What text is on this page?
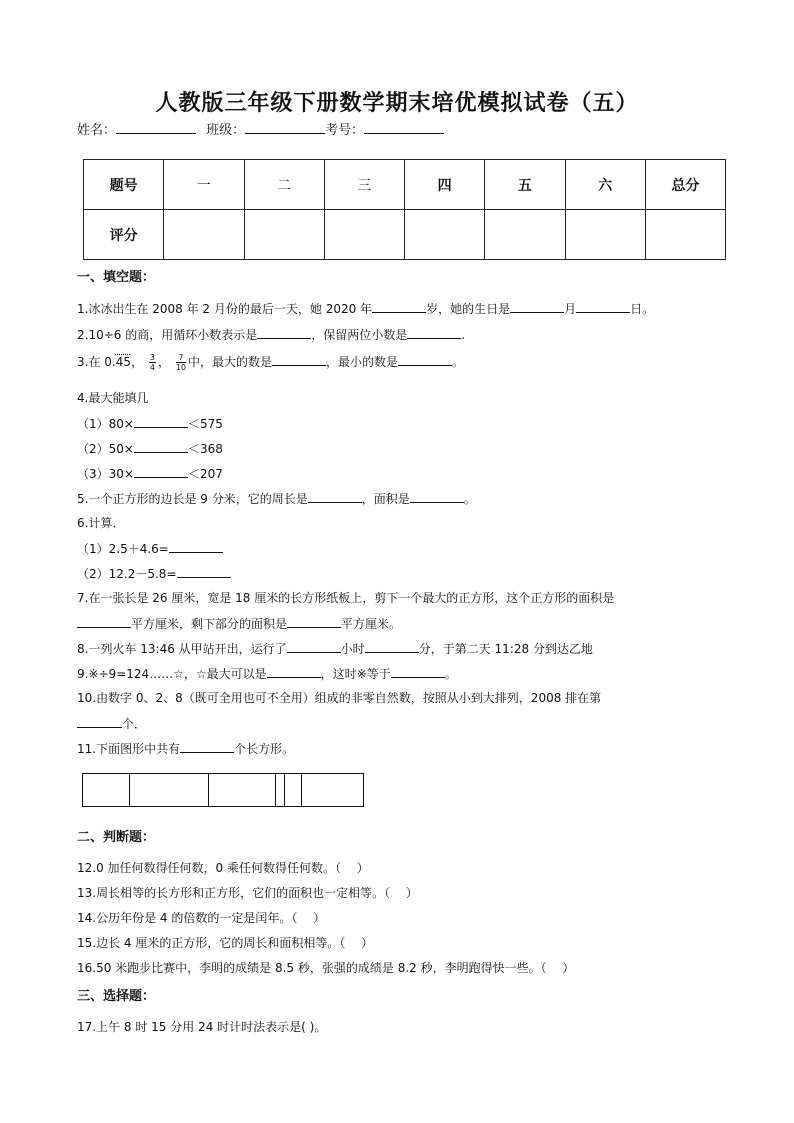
人教版三年级下册数学期末培优模拟试卷（五）
姓名：	班级：	考号：
题号	一	二	三	四	五	六	总分
评分							
一、填空题：
1.冰冰出生在 2008 年 2 月份的最后一天，她 2020 年	岁，她的生日是	月	日。
2.10÷6 的商，用循环小数表示是	，保留两位小数是	.
3.在 0.45， $\frac{3}{4}$ ， $\frac{7}{10}$ 中，最大的数是	，最小的数是	。
4.最大能填几
（1）80×	＜575
（2）50×	＜368
（3）30×	＜207
5.一个正方形的边长是 9 分米，它的周长是	，面积是	。
6.计算．
（1）2.5＋4.6=
（2）12.2－5.8=
7.在一张长是 26 厘米，宽是 18 厘米的长方形纸板上，剪下一个最大的正方形，这个正方形的面积是
平方厘米，剩下部分的面积是	平方厘米。
8.一列火车 13:46 从甲站开出，运行了	小时	分，于第二天 11:28 分到达乙地
9.※÷9=124……☆，☆最大可以是	，这时※等于	。
10.由数字 0、2、8（既可全用也可不全用）组成的非零自然数，按照从小到大排列，2008 排在第
个．
11.下面图形中共有	个长方形。
二、判断题：
12.0 加任何数得任何数，0 乘任何数得任何数。（　 ）
13.周长相等的长方形和正方形，它们的面积也一定相等。（　 ）
14.公历年份是 4 的倍数的一定是闰年。（　 ）
15.边长 4 厘米的正方形，它的周长和面积相等。（　 ）
16.50 米跑步比赛中，李明的成绩是 8.5 秒，张强的成绩是 8.2 秒，李明跑得快一些。（　 ）
三、选择题：
17.上午 8 时 15 分用 24 时计时法表示是( )。
